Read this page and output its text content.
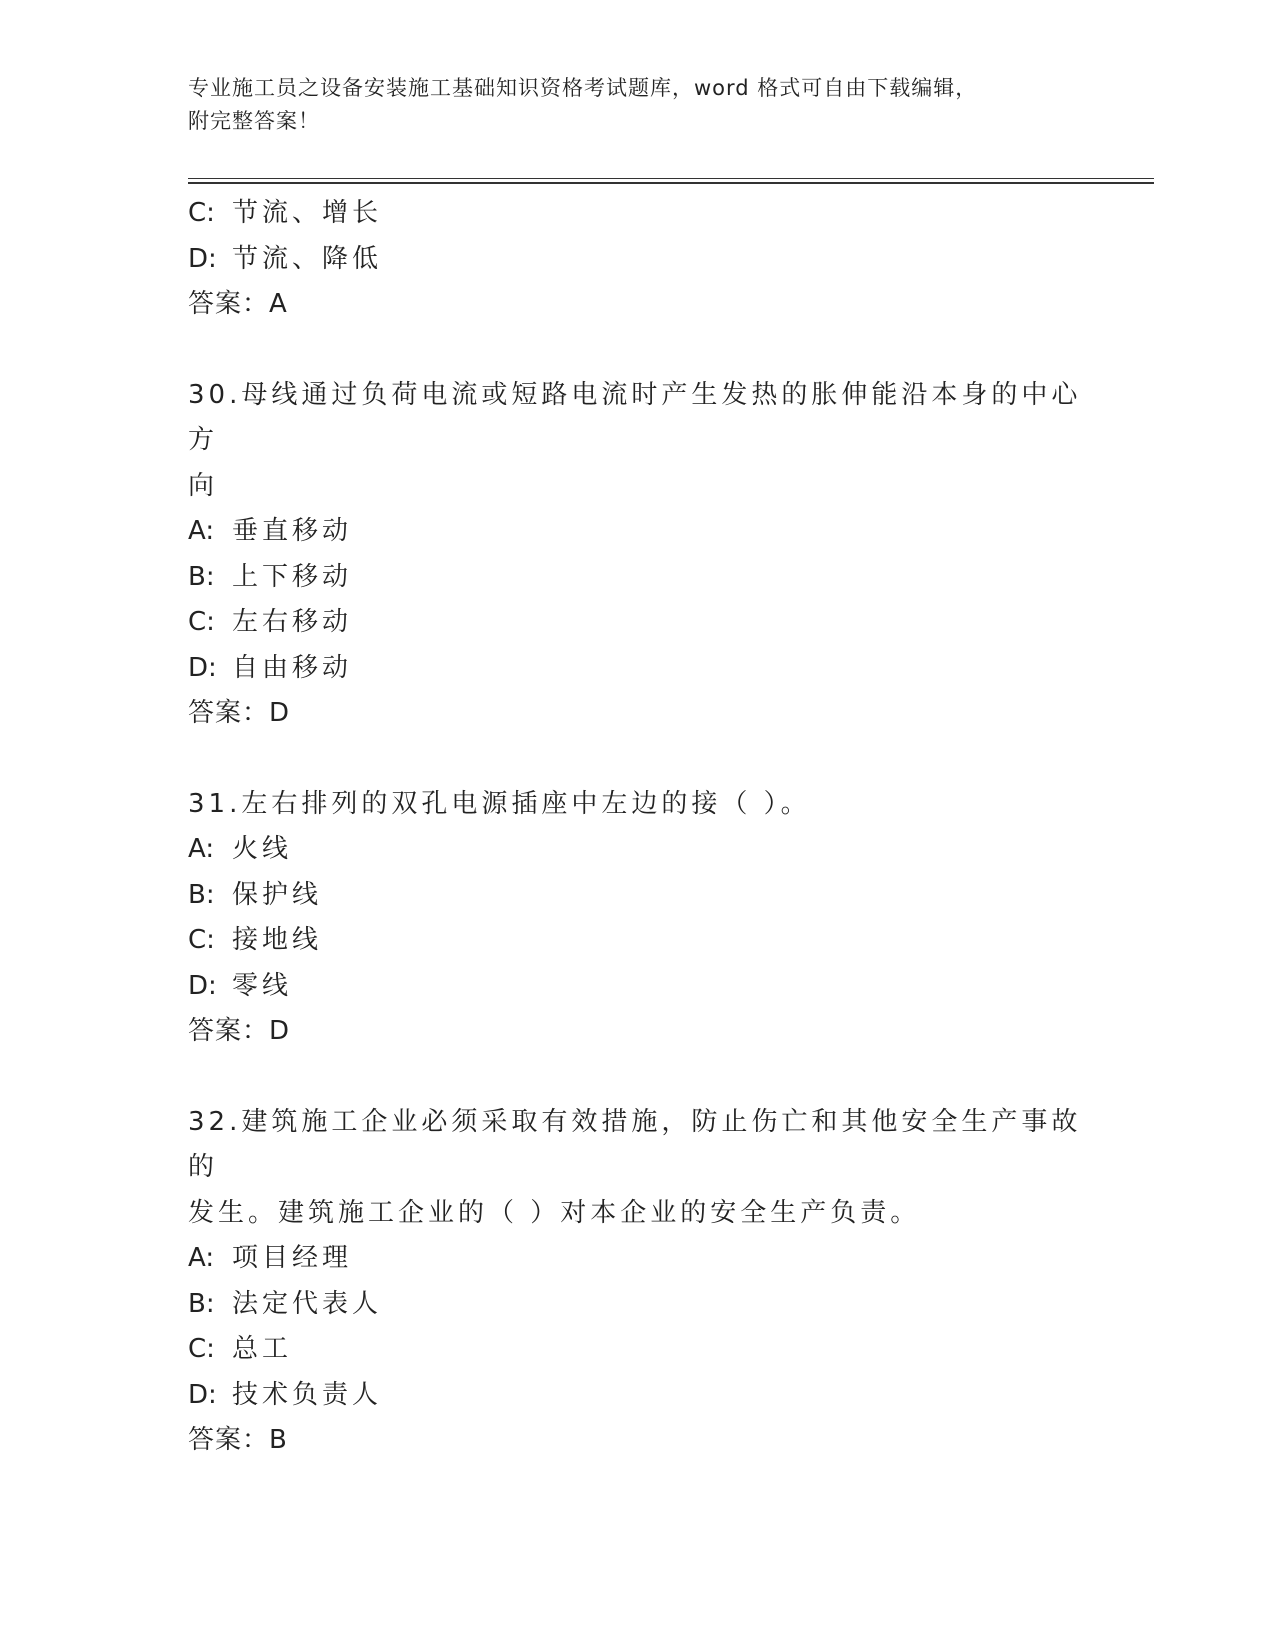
专业施工员之设备安装施工基础知识资格考试题库，word 格式可自由下载编辑，
附完整答案！

C: 节流、增长

D: 节流、降低

答案：A

30.母线通过负荷电流或短路电流时产生发热的胀伸能沿本身的中心方

向

A: 垂直移动

B: 上下移动

C: 左右移动

D: 自由移动

答案：D

31.左右排列的双孔电源插座中左边的接（ ）。

A: 火线

B: 保护线

C: 接地线

D: 零线

答案：D

32.建筑施工企业必须采取有效措施，防止伤亡和其他安全生产事故的

发生。建筑施工企业的（ ）对本企业的安全生产负责。

A: 项目经理

B: 法定代表人

C: 总工

D: 技术负责人

答案：B
